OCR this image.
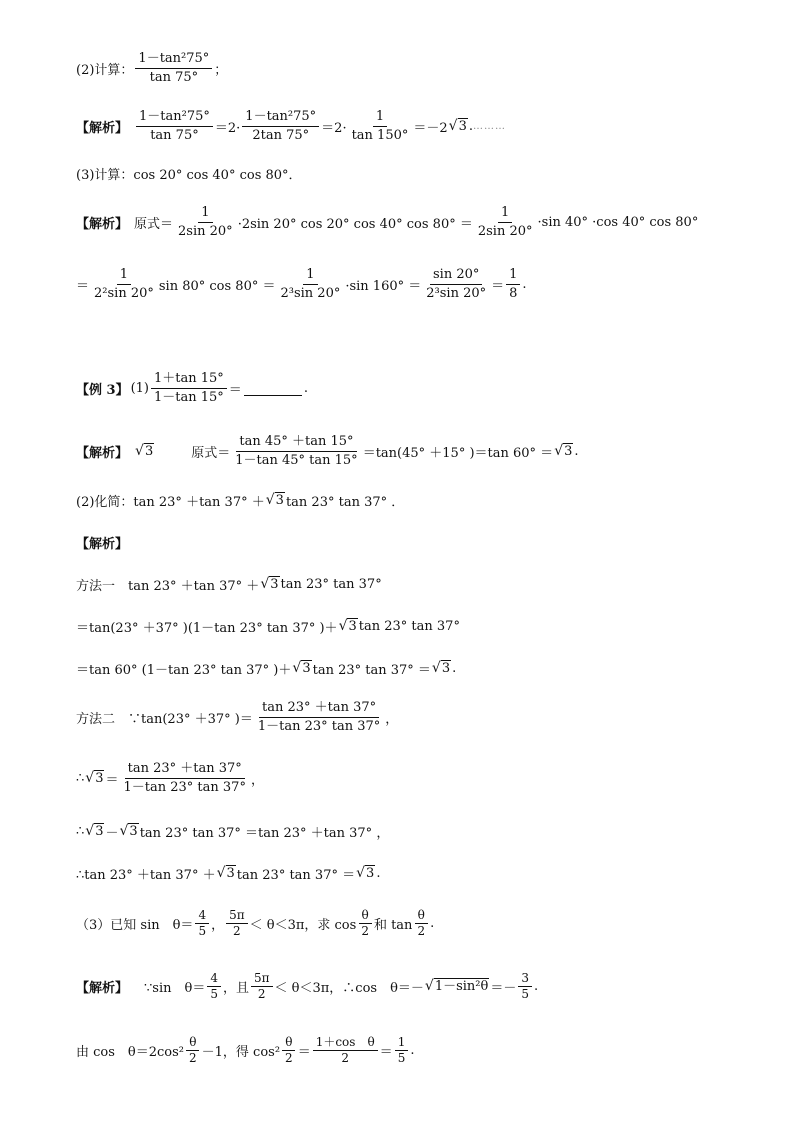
(2)计算： $\frac{\text{1－tan²75°}}{\tan 75^\circ}$ ；
【解析】 $\frac{\text{1－tan²75°}}{\tan 75^\circ} =2\cdot \frac{\text{1－tan²75°}}{2\tan 75^\circ} =2\cdot \frac{1}{\tan 150^\circ} =-2$ √ 3 . ………
(3)计算：cos 20° cos 40° cos 80°．
【解析】 原式＝ $\frac{1}{2\sin 20^\circ} \cdot 2\sin$ 20° cos 20° cos 40° $\cos 80^\circ = \frac{1}{2\sin 20^\circ} \cdot\sin$ 40° ·cos 40° cos 80°
＝ $\frac{1}{\text{2²sin 20°}}$ sin 80° $\cos 80^\circ = \frac{1}{\text{2³sin 20°}} \cdot\sin$ $160^\circ = \frac{\sin 20^\circ}{\text{2³sin 20°}} = \frac{1}{8}$ .
【例 3】 $(1) \frac{1+\tan 15^\circ}{1-\tan 15^\circ}$ ＝	.
【解析】 √ 3	原式＝ $\frac{\tan 45^\circ +\tan 15^\circ}{1-\tan 45^\circ \tan 15^\circ} =\tan(45^\circ +15^\circ$ )＝tan 60° ＝ √ 3 .
(2)化简：tan 23° ＋tan 37° ＋ √ 3 tan 23° tan 37° ．
【解析】
方法一　tan 23° ＋tan 37° ＋ √ 3 tan 23° tan 37°
＝tan(23° ＋37° )(1－tan 23° tan 37° )＋ √ 3 tan 23° tan 37°
＝tan 60° (1－tan 23° tan 37° )＋ √ 3 tan 23° tan 37° ＝ √ 3 .
方法二　∵tan(23° ＋37° )＝ $\frac{\tan 23^\circ +\tan 37^\circ}{1-\tan 23^\circ \tan 37^\circ}$ ，
∴ √ $3 = \frac{\tan 23^\circ +\tan 37^\circ}{1-\tan 23^\circ \tan 37^\circ}$ ，
∴ √ 3 － √ 3 tan 23° tan 37° ＝tan 23° ＋tan 37° ，
∴tan 23° ＋tan 37° ＋ √ 3 tan 23° tan 37° ＝ √ 3 .
（3）已知 sin　$\theta= \frac{4}{5}$ ， $\frac{5\pi}{2} < \theta<3\pi$，求 $\cos \frac{\theta}{2}$ 和 $\tan \frac{\theta}{2}$ .
【解析】 ∵sin　$\theta= \frac{4}{5}$ ，且 $\frac{5\pi}{2} < \theta<3\pi$，∴cos　θ＝－ √ $1-\sin^2\theta =- \frac{3}{5}$ .
由 cos　$\theta=2\cos^2 \frac{\theta}{2} -1$，得 $\cos^2 \frac{\theta}{2} = \frac{\text{1＋cos　θ}}{2} = \frac{1}{5}$ .
